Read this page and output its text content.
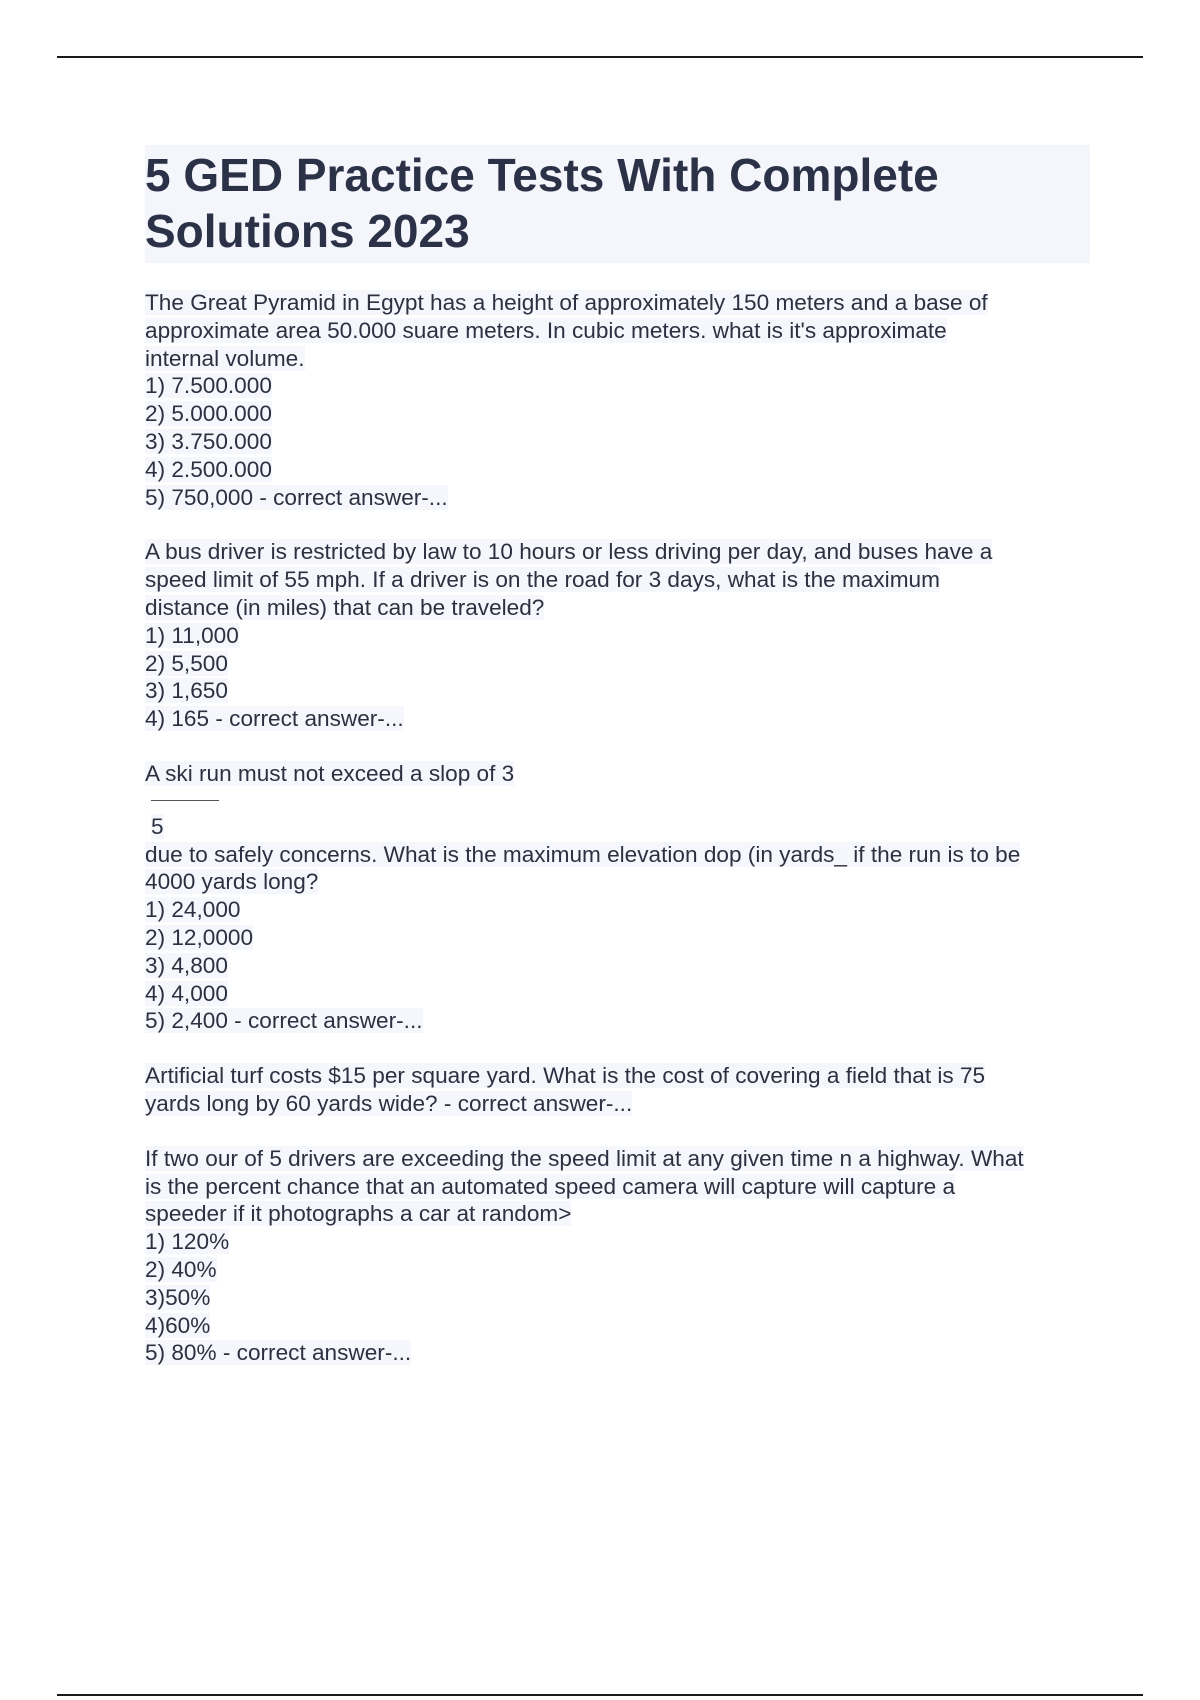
5 GED Practice Tests With Complete
Solutions 2023
The Great Pyramid in Egypt has a height of approximately 150 meters and a base of
approximate area 50.000 suare meters. In cubic meters. what is it's approximate
internal volume.
1) 7.500.000
2) 5.000.000
3) 3.750.000
4) 2.500.000
5) 750,000 - correct answer-...
A bus driver is restricted by law to 10 hours or less driving per day, and buses have a
speed limit of 55 mph. If a driver is on the road for 3 days, what is the maximum
distance (in miles) that can be traveled?
1) 11,000
2) 5,500
3) 1,650
4) 165 - correct answer-...
A ski run must not exceed a slop of 3
5
due to safely concerns. What is the maximum elevation dop (in yards_ if the run is to be
4000 yards long?
1) 24,000
2) 12,0000
3) 4,800
4) 4,000
5) 2,400 - correct answer-...
Artificial turf costs $15 per square yard. What is the cost of covering a field that is 75
yards long by 60 yards wide? - correct answer-...
If two our of 5 drivers are exceeding the speed limit at any given time n a highway. What
is the percent chance that an automated speed camera will capture will capture a
speeder if it photographs a car at random>
1) 120%
2) 40%
3)50%
4)60%
5) 80% - correct answer-...
